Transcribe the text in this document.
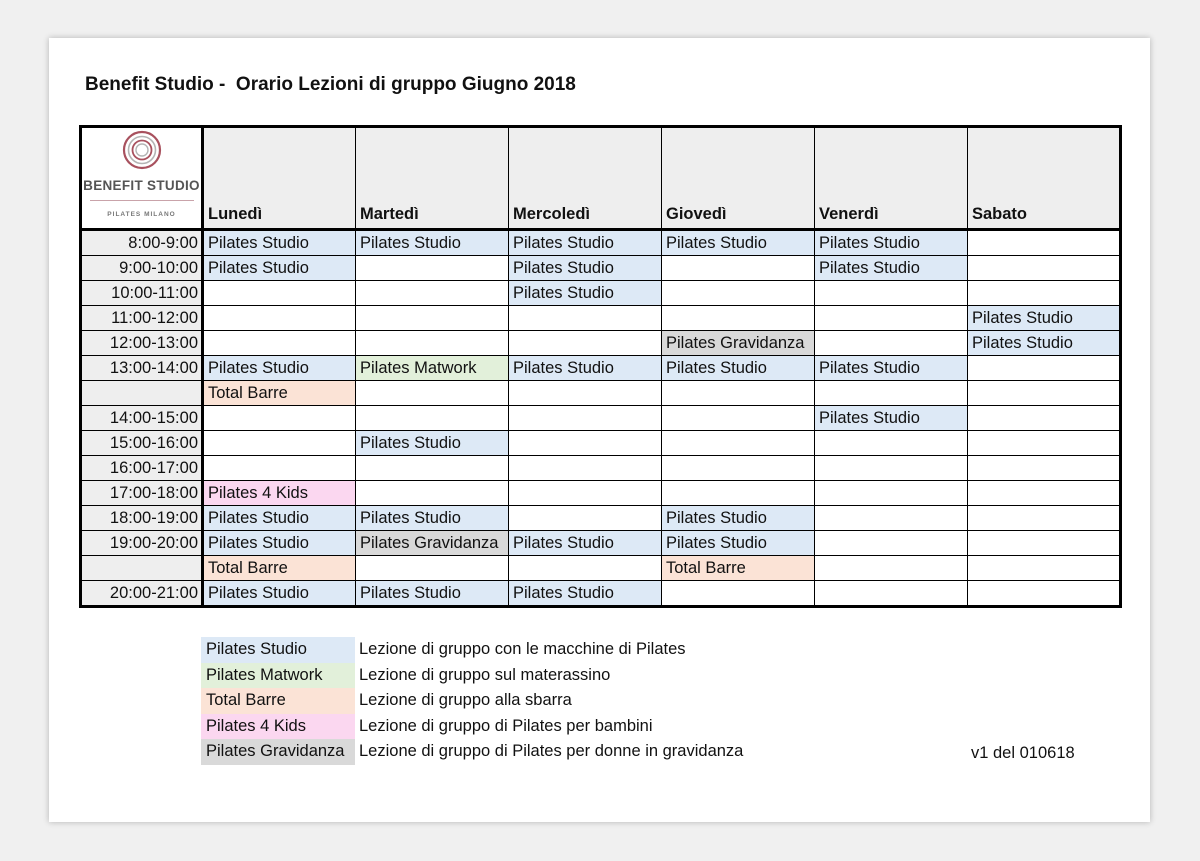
Benefit Studio -  Orario Lezioni di gruppo Giugno 2018
BENEFIT STUDIO
PILATES MILANO	Lunedì	Martedì	Mercoledì	Giovedì	Venerdì	Sabato
8:00-9:00	Pilates Studio	Pilates Studio	Pilates Studio	Pilates Studio	Pilates Studio	
9:00-10:00	Pilates Studio		Pilates Studio		Pilates Studio	
10:00-11:00			Pilates Studio			
11:00-12:00						Pilates Studio
12:00-13:00				Pilates Gravidanza		Pilates Studio
13:00-14:00	Pilates Studio	Pilates Matwork	Pilates Studio	Pilates Studio	Pilates Studio	
	Total Barre					
14:00-15:00					Pilates Studio	
15:00-16:00		Pilates Studio				
16:00-17:00						
17:00-18:00	Pilates 4 Kids					
18:00-19:00	Pilates Studio	Pilates Studio		Pilates Studio		
19:00-20:00	Pilates Studio	Pilates Gravidanza	Pilates Studio	Pilates Studio		
	Total Barre			Total Barre		
20:00-21:00	Pilates Studio	Pilates Studio	Pilates Studio			
Pilates Studio	Lezione di gruppo con le macchine di Pilates
Pilates Matwork	Lezione di gruppo sul materassino
Total Barre	Lezione di gruppo alla sbarra
Pilates 4 Kids	Lezione di gruppo di Pilates per bambini
Pilates Gravidanza	Lezione di gruppo di Pilates per donne in gravidanza	v1 del 010618
